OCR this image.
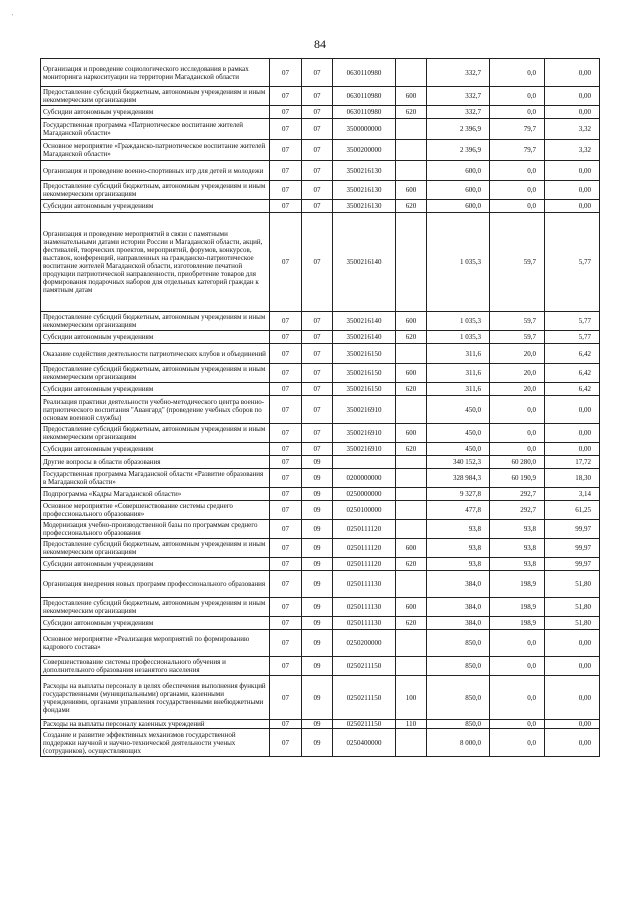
'
84
Организация и проведение социологического исследования в рамках мониторинга наркоситуации на территории Магаданской области	07	07	0630110980		332,7	0,0	0,00
Предоставление субсидий бюджетным, автономным учреждениям и иным некоммерческим организациям	07	07	0630110980	600	332,7	0,0	0,00
Субсидии автономным учреждениям	07	07	0630110980	620	332,7	0,0	0,00
Государственная программа «Патриотическое воспитание жителей Магаданской области»	07	07	3500000000		2 396,9	79,7	3,32
Основное мероприятие «Гражданско-патриотическое воспитание жителей Магаданской области»	07	07	3500200000		2 396,9	79,7	3,32
Организация и проведение военно-спортивных игр для детей и молодежи	07	07	3500216130		600,0	0,0	0,00
Предоставление субсидий бюджетным, автономным учреждениям и иным некоммерческим организациям	07	07	3500216130	600	600,0	0,0	0,00
Субсидии автономным учреждениям	07	07	3500216130	620	600,0	0,0	0,00
Организация и проведение мероприятий в связи с памятными знаменательными датами истории России и Магаданской области, акций, фестивалей, творческих проектов, мероприятий, форумов, конкурсов, выставок, конференций, направленных на гражданско-патриотическое воспитание жителей Магаданской области, изготовление печатной продукции патриотической направленности, приобретение товаров для формирования подарочных наборов для отдельных категорий граждан к памятным датам	07	07	3500216140		1 035,3	59,7	5,77
Предоставление субсидий бюджетным, автономным учреждениям и иным некоммерческим организациям	07	07	3500216140	600	1 035,3	59,7	5,77
Субсидии автономным учреждениям	07	07	3500216140	620	1 035,3	59,7	5,77
Оказание содействия деятельности патриотических клубов и объединений	07	07	3500216150		311,6	20,0	6,42
Предоставление субсидий бюджетным, автономным учреждениям и иным некоммерческим организациям	07	07	3500216150	600	311,6	20,0	6,42
Субсидии автономным учреждениям	07	07	3500216150	620	311,6	20,0	6,42
Реализация практики деятельности учебно-методического центра военно-патриотического воспитания "Авангард" (проведение учебных сборов по основам военной службы)	07	07	3500216910		450,0	0,0	0,00
Предоставление субсидий бюджетным, автономным учреждениям и иным некоммерческим организациям	07	07	3500216910	600	450,0	0,0	0,00
Субсидии автономным учреждениям	07	07	3500216910	620	450,0	0,0	0,00
Другие вопросы в области образования	07	09			340 152,3	60 280,0	17,72
Государственная программа Магаданской области «Развитие образования в Магаданской области»	07	09	0200000000		328 984,3	60 190,9	18,30
Подпрограмма «Кадры Магаданской области»	07	09	0250000000		9 327,8	292,7	3,14
Основное мероприятие «Совершенствование системы среднего профессионального образования»	07	09	0250100000		477,8	292,7	61,25
Модернизация учебно-производственной базы по программам среднего профессионального образования	07	09	0250111120		93,8	93,8	99,97
Предоставление субсидий бюджетным, автономным учреждениям и иным некоммерческим организациям	07	09	0250111120	600	93,8	93,8	99,97
Субсидии автономным учреждениям	07	09	0250111120	620	93,8	93,8	99,97
Организация внедрения новых программ профессионального образования	07	09	0250111130		384,0	198,9	51,80
Предоставление субсидий бюджетным, автономным учреждениям и иным некоммерческим организациям	07	09	0250111130	600	384,0	198,9	51,80
Субсидии автономным учреждениям	07	09	0250111130	620	384,0	198,9	51,80
Основное мероприятие «Реализация мероприятий по формированию кадрового состава»	07	09	0250200000		850,0	0,0	0,00
Совершенствование системы профессионального обучения и дополнительного образования незанятого населения	07	09	0250211150		850,0	0,0	0,00
Расходы на выплаты персоналу в целях обеспечения выполнения функций государственными (муниципальными) органами, казенными учреждениями, органами управления государственными внебюджетными фондами	07	09	0250211150	100	850,0	0,0	0,00
Расходы на выплаты персоналу казенных учреждений	07	09	0250211150	110	850,0	0,0	0,00
Создание и развитие эффективных механизмов государственной поддержки научной и научно-технической деятельности ученых (сотрудников), осуществляющих	07	09	0250400000		8 000,0	0,0	0,00
